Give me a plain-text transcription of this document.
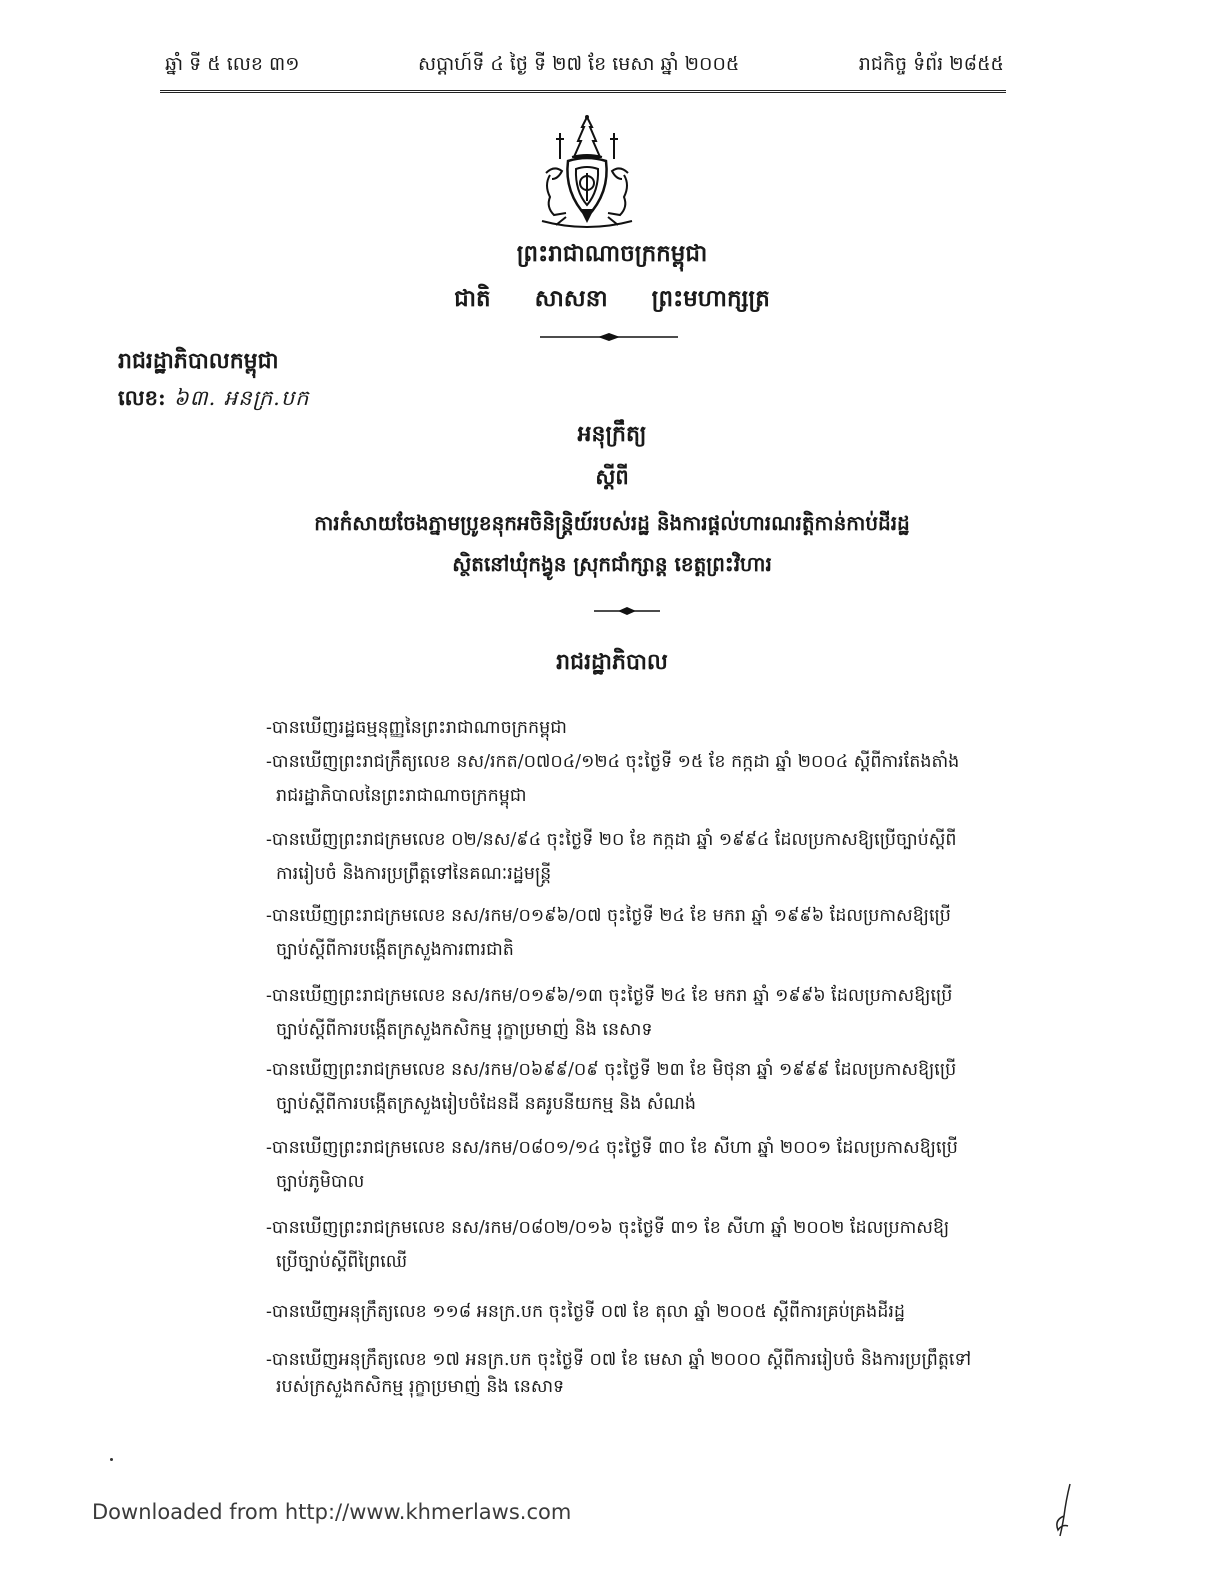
ឆ្នាំ ទី ៥ លេខ ៣១	សប្តាហ៍ទី ៤ ថ្ងៃ ទី ២៧ ខែ មេសា ឆ្នាំ ២០០៥	រាជកិច្ច ទំព័រ ២៨៥៥
ព្រះរាជាណាចក្រកម្ពុជា
ជាតិ សាសនា ព្រះមហាក្សត្រ
រាជរដ្ឋាភិបាលកម្ពុជា
លេខ: ៦៣. អនក្រ.បក
អនុក្រឹត្យ
ស្តីពី
ការកំសាយចែងភ្នាមប្រូខនុកអចិនិន្រ្តិយ៍របស់រដ្ឋ និងការផ្តល់ហារណរត្តិកាន់កាប់ដីរដ្ឋ
ស្ថិតនៅឃុំកង្វូន ស្រុកជាំក្សាន្ត ខេត្តព្រះវិហារ
រាជរដ្ឋាភិបាល
-បានឃើញរដ្ឋធម្មនុញ្ញនៃព្រះរាជាណាចក្រកម្ពុជា
-បានឃើញព្រះរាជក្រឹត្យលេខ នស/រកត/០៧០៤/១២៤ ចុះថ្ងៃទី ១៥ ខែ កក្កដា ឆ្នាំ ២០០៤ ស្តីពីការតែងតាំង
រាជរដ្ឋាភិបាលនៃព្រះរាជាណាចក្រកម្ពុជា
-បានឃើញព្រះរាជក្រមលេខ ០២/នស/៩៤ ចុះថ្ងៃទី ២០ ខែ កក្កដា ឆ្នាំ ១៩៩៤ ដែលប្រកាសឱ្យប្រើច្បាប់ស្តីពី
ការរៀបចំ និងការប្រព្រឹត្តទៅនៃគណៈរដ្ឋមន្ត្រី
-បានឃើញព្រះរាជក្រមលេខ នស/រកម/០១៩៦/០៧ ចុះថ្ងៃទី ២៤ ខែ មករា ឆ្នាំ ១៩៩៦ ដែលប្រកាសឱ្យប្រើ
ច្បាប់ស្តីពីការបង្កើតក្រសួងការពារជាតិ
-បានឃើញព្រះរាជក្រមលេខ នស/រកម/០១៩៦/១៣ ចុះថ្ងៃទី ២៤ ខែ មករា ឆ្នាំ ១៩៩៦ ដែលប្រកាសឱ្យប្រើ
ច្បាប់ស្តីពីការបង្កើតក្រសួងកសិកម្ម រុក្ខាប្រមាញ់ និង នេសាទ
-បានឃើញព្រះរាជក្រមលេខ នស/រកម/០៦៩៩/០៩ ចុះថ្ងៃទី ២៣ ខែ មិថុនា ឆ្នាំ ១៩៩៩ ដែលប្រកាសឱ្យប្រើ
ច្បាប់ស្តីពីការបង្កើតក្រសួងរៀបចំដែនដី នគរូបនីយកម្ម និង សំណង់
-បានឃើញព្រះរាជក្រមលេខ នស/រកម/០៨០១/១៤ ចុះថ្ងៃទី ៣០ ខែ សីហា ឆ្នាំ ២០០១ ដែលប្រកាសឱ្យប្រើ
ច្បាប់ភូមិបាល
-បានឃើញព្រះរាជក្រមលេខ នស/រកម/០៨០២/០១៦ ចុះថ្ងៃទី ៣១ ខែ សីហា ឆ្នាំ ២០០២ ដែលប្រកាសឱ្យ
ប្រើច្បាប់ស្តីពីព្រៃឈើ
-បានឃើញអនុក្រឹត្យលេខ ១១៨ អនក្រ.បក ចុះថ្ងៃទី ០៧ ខែ តុលា ឆ្នាំ ២០០៥ ស្តីពីការគ្រប់គ្រងដីរដ្ឋ
-បានឃើញអនុក្រឹត្យលេខ ១៧ អនក្រ.បក ចុះថ្ងៃទី ០៧ ខែ មេសា ឆ្នាំ ២០០០ ស្តីពីការរៀបចំ និងការប្រព្រឹត្តទៅ
របស់ក្រសួងកសិកម្ម រុក្ខាប្រមាញ់ និង នេសាទ
Downloaded from http://www.khmerlaws.com
